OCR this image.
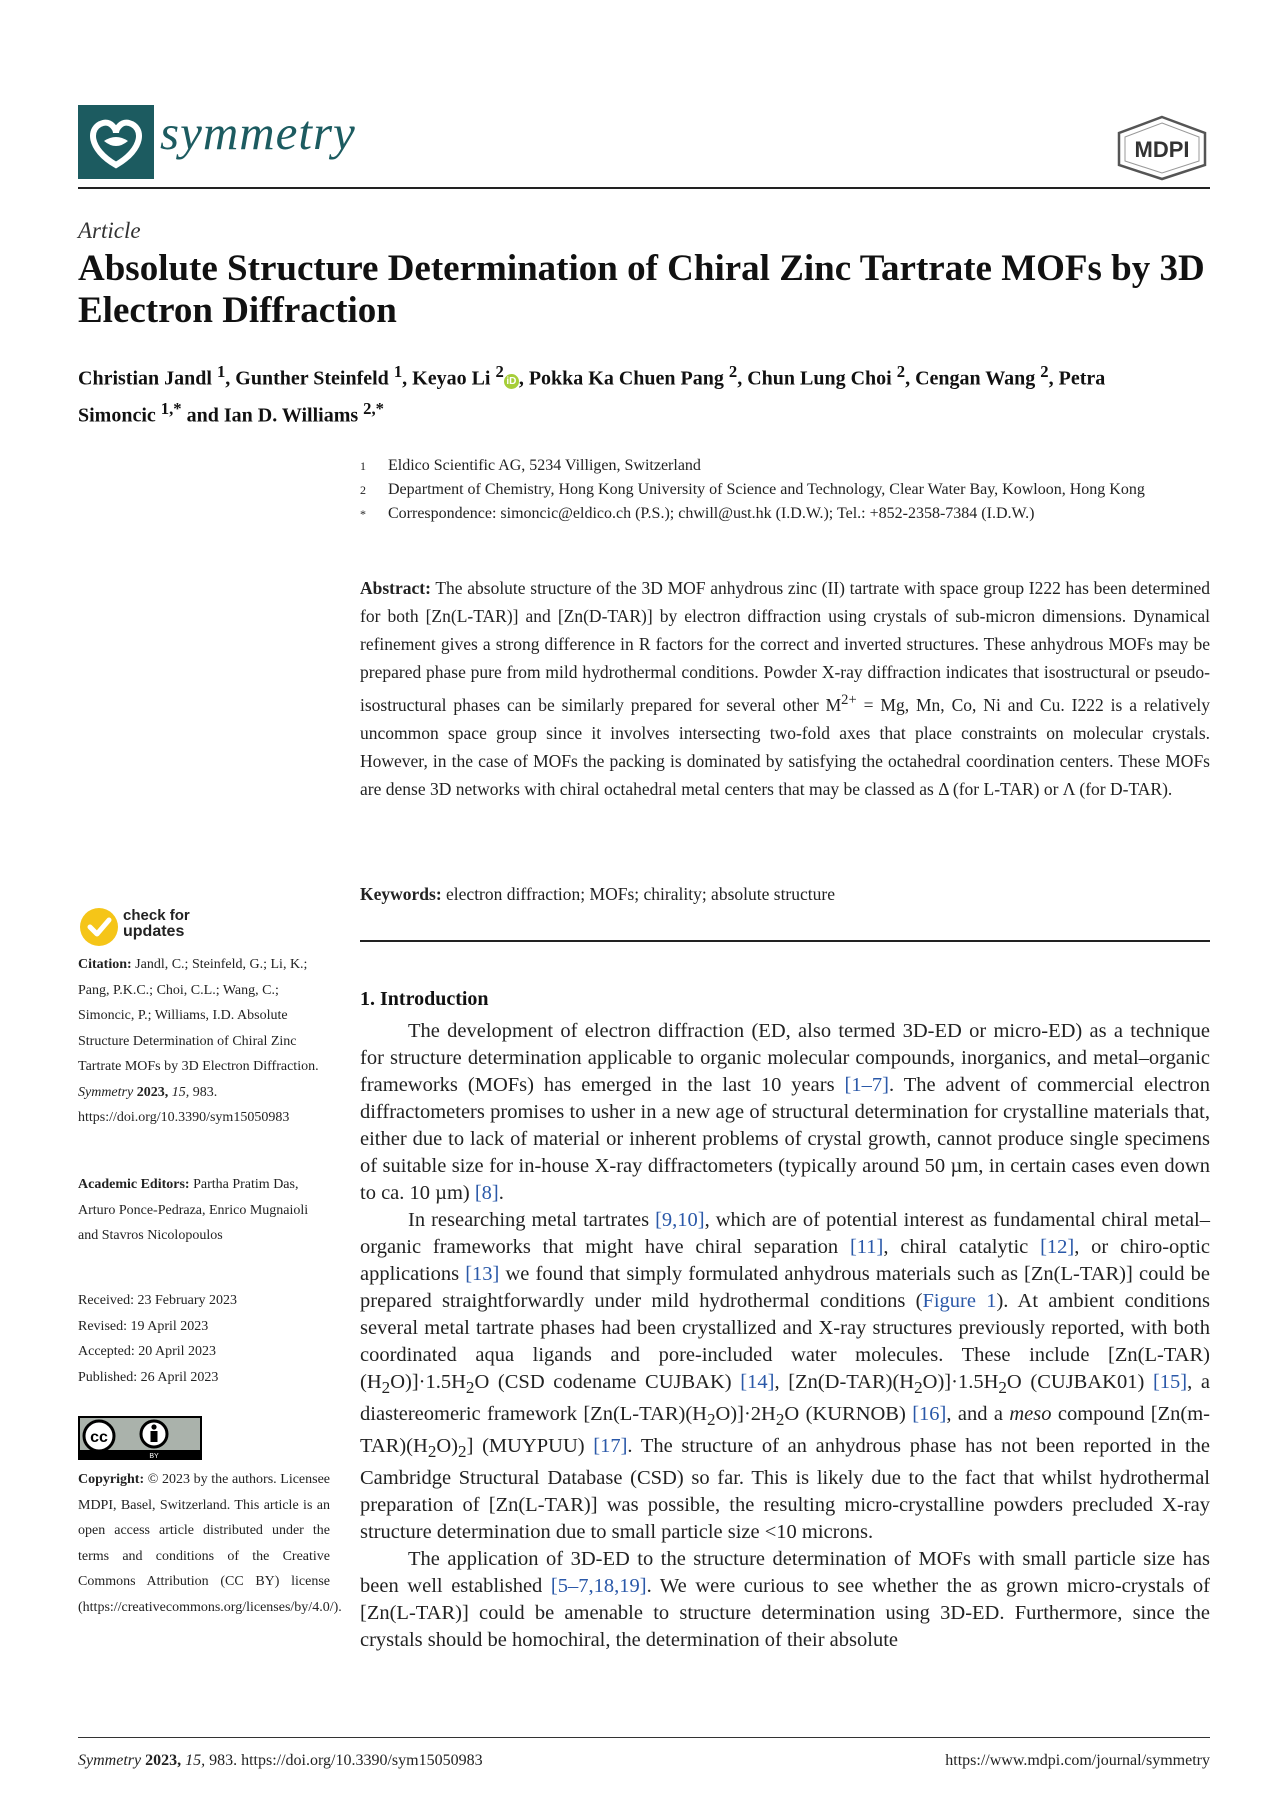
symmetry	MDPI
Article
Absolute Structure Determination of Chiral Zinc Tartrate MOFs by 3D Electron Diffraction
Christian Jandl $^1$, Gunther Steinfeld $^1$, Keyao Li $^2$iD , Pokka Ka Chuen Pang $^2$, Chun Lung Choi $^2$, Cengan Wang $^2$, Petra Simoncic $^{1,*}$ and Ian D. Williams $^{2,*}$
1	Eldico Scientific AG, 5234 Villigen, Switzerland
2	Department of Chemistry, Hong Kong University of Science and Technology, Clear Water Bay, Kowloon, Hong Kong
*	Correspondence: simoncic@eldico.ch (P.S.); chwill@ust.hk (I.D.W.); Tel.: +852-2358-7384 (I.D.W.)
Abstract: The absolute structure of the 3D MOF anhydrous zinc (II) tartrate with space group I222 has been determined for both [Zn(L-TAR)] and [Zn(D-TAR)] by electron diffraction using crystals of sub-micron dimensions. Dynamical refinement gives a strong difference in R factors for the correct and inverted structures. These anhydrous MOFs may be prepared phase pure from mild hydrothermal conditions. Powder X-ray diffraction indicates that isostructural or pseudo-isostructural phases can be similarly prepared for several other $M^{2+} = Mg$, Mn, Co, Ni and Cu. I222 is a relatively uncommon space group since it involves intersecting two-fold axes that place constraints on molecular crystals. However, in the case of MOFs the packing is dominated by satisfying the octahedral coordination centers. These MOFs are dense 3D networks with chiral octahedral metal centers that may be classed as Δ (for L-TAR) or Λ (for D-TAR).
Keywords: electron diffraction; MOFs; chirality; absolute structure
check for
updates
Citation: Jandl, C.; Steinfeld, G.; Li, K.; Pang, P.K.C.; Choi, C.L.; Wang, C.; Simoncic, P.; Williams, I.D. Absolute Structure Determination of Chiral Zinc Tartrate MOFs by 3D Electron Diffraction. Symmetry 2023, 15, 983. https://doi.org/10.3390/sym15050983
Academic Editors: Partha Pratim Das, Arturo Ponce-Pedraza, Enrico Mugnaioli and Stavros Nicolopoulos
Received: 23 February 2023
Revised: 19 April 2023
Accepted: 20 April 2023
Published: 26 April 2023
cc
BY
Copyright: © 2023 by the authors. Licensee MDPI, Basel, Switzerland. This article is an open access article distributed under the terms and conditions of the Creative Commons Attribution (CC BY) license (https://creativecommons.org/licenses/by/4.0/).
1. Introduction

The development of electron diffraction (ED, also termed 3D-ED or micro-ED) as a technique for structure determination applicable to organic molecular compounds, inorganics, and metal–organic frameworks (MOFs) has emerged in the last 10 years [1–7]. The advent of commercial electron diffractometers promises to usher in a new age of structural determination for crystalline materials that, either due to lack of material or inherent problems of crystal growth, cannot produce single specimens of suitable size for in-house X-ray diffractometers (typically around 50 µm, in certain cases even down to ca. 10 µm) [8].

In researching metal tartrates [9,10], which are of potential interest as fundamental chiral metal–organic frameworks that might have chiral separation [11], chiral catalytic [12], or chiro-optic applications [13] we found that simply formulated anhydrous materials such as [Zn(L-TAR)] could be prepared straightforwardly under mild hydrothermal conditions (Figure 1). At ambient conditions several metal tartrate phases had been crystallized and X-ray structures previously reported, with both coordinated aqua ligands and pore-included water molecules. These include $[Zn(L-TAR)(H_2O)]\cdot 1.5H_2O$ (CSD codename CUJBAK) [14], $[Zn(D-TAR)(H_2O)]\cdot 1.5H_2O$ (CUJBAK01) [15], a diastereomeric framework $[Zn(L-TAR)(H_2O)]\cdot 2H_2O$ (KURNOB) [16], and a meso compound $[Zn(m-TAR)(H_2O)_2]$ (MUYPUU) [17]. The structure of an anhydrous phase has not been reported in the Cambridge Structural Database (CSD) so far. This is likely due to the fact that whilst hydrothermal preparation of [Zn(L-TAR)] was possible, the resulting micro-crystalline powders precluded X-ray structure determination due to small particle size <10 microns.

The application of 3D-ED to the structure determination of MOFs with small particle size has been well established [5–7,18,19]. We were curious to see whether the as grown micro-crystals of [Zn(L-TAR)] could be amenable to structure determination using 3D-ED. Furthermore, since the crystals should be homochiral, the determination of their absolute

Symmetry 2023, 15, 983. https://doi.org/10.3390/sym15050983	https://www.mdpi.com/journal/symmetry
